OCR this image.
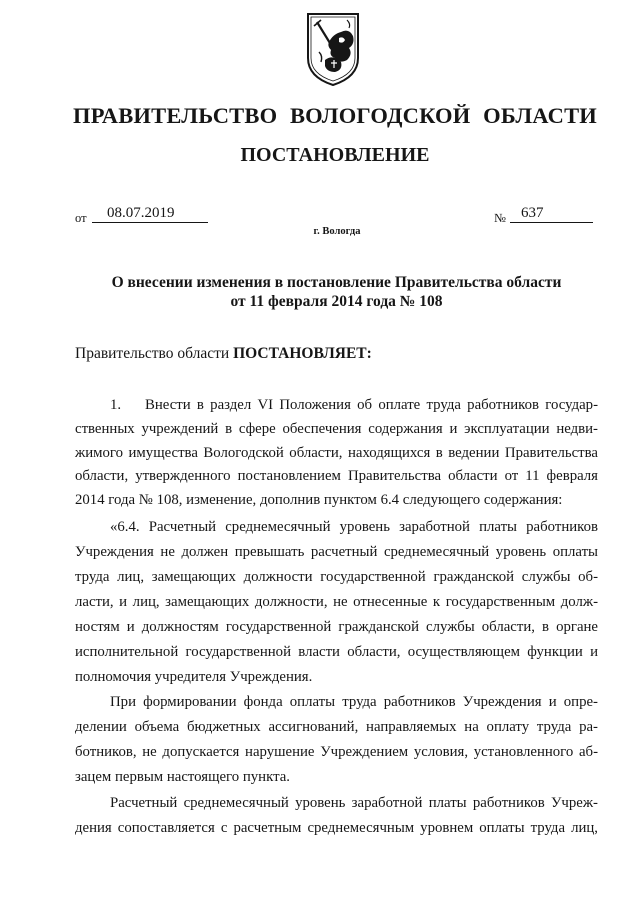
ПРАВИТЕЛЬСТВО ВОЛОГОДСКОЙ ОБЛАСТИ
ПОСТАНОВЛЕНИЕ
от	08.07.2019	№	637
г. Вологда
О внесении изменения в постановление Правительства области
от 11 февраля 2014 года № 108
Правительство области ПОСТАНОВЛЯЕТ:
1. Внести в раздел VI Положения об оплате труда работников государ-
ственных учреждений в сфере обеспечения содержания и эксплуатации недви-
жимого имущества Вологодской области, находящихся в ведении Правительства
области, утвержденного постановлением Правительства области от 11 февраля
2014 года № 108, изменение, дополнив пунктом 6.4 следующего содержания:
«6.4. Расчетный среднемесячный уровень заработной платы работников
Учреждения не должен превышать расчетный среднемесячный уровень оплаты
труда лиц, замещающих должности государственной гражданской службы об-
ласти, и лиц, замещающих должности, не отнесенные к государственным долж-
ностям и должностям государственной гражданской службы области, в органе
исполнительной государственной власти области, осуществляющем функции и
полномочия учредителя Учреждения.
При формировании фонда оплаты труда работников Учреждения и опре-
делении объема бюджетных ассигнований, направляемых на оплату труда ра-
ботников, не допускается нарушение Учреждением условия, установленного аб-
зацем первым настоящего пункта.
Расчетный среднемесячный уровень заработной платы работников Учреж-
дения сопоставляется с расчетным среднемесячным уровнем оплаты труда лиц,
